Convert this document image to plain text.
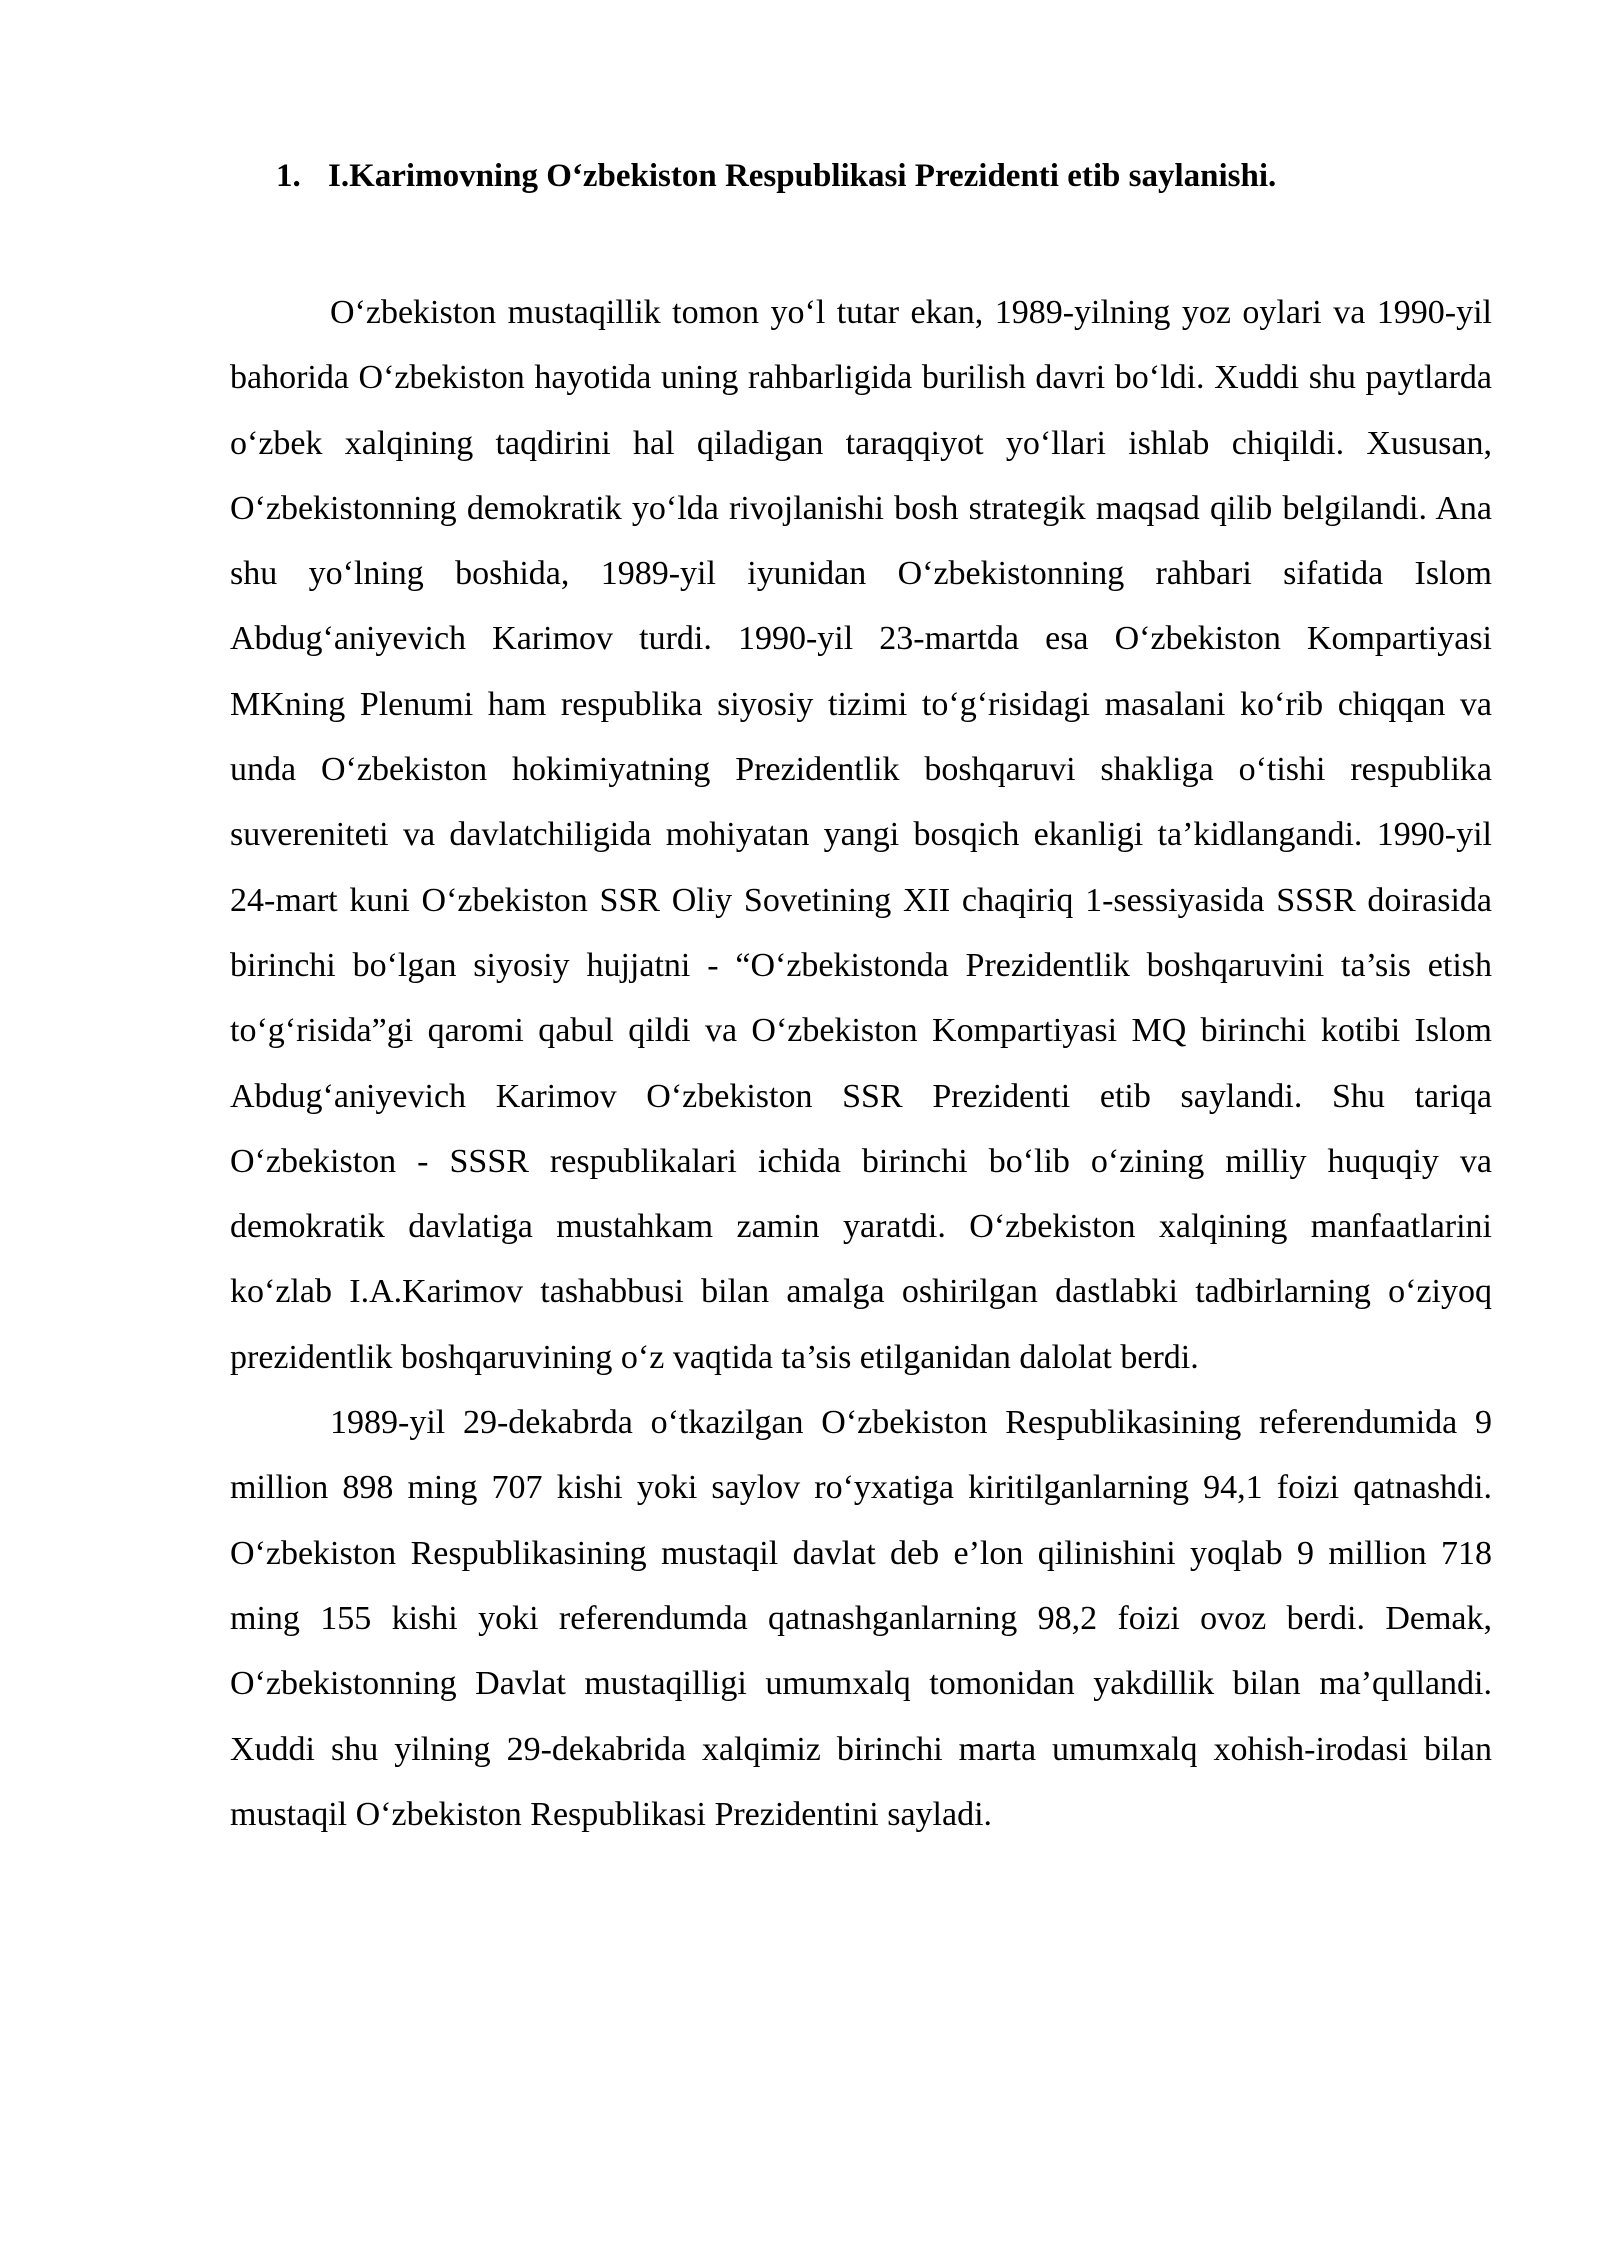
1. I.Karimovning O‘zbekiston Respublikasi Prezidenti etib saylanishi.

O‘zbekiston mustaqillik tomon yo‘l tutar ekan, 1989-yilning yoz oylari va 1990-yil bahorida O‘zbekiston hayotida uning rahbarligida burilish davri bo‘ldi. Xuddi shu paytlarda o‘zbek xalqining taqdirini hal qiladigan taraqqiyot yo‘llari ishlab chiqildi. Xususan, O‘zbekistonning demokratik yo‘lda rivojlanishi bosh strategik maqsad qilib belgilandi. Ana shu yo‘lning boshida, 1989-yil iyunidan O‘zbekistonning rahbari sifatida Islom Abdug‘aniyevich Karimov turdi. 1990-yil 23-martda esa O‘zbekiston Kompartiyasi MKning Plenumi ham respublika siyosiy tizimi to‘g‘risidagi masalani ko‘rib chiqqan va unda O‘zbekiston hokimiyatning Prezidentlik boshqaruvi shakliga o‘tishi respublika suvereniteti va davlatchiligida mohiyatan yangi bosqich ekanligi ta’kidlangandi. 1990-yil 24-mart kuni O‘zbekiston SSR Oliy Sovetining XII chaqiriq 1-sessiyasida SSSR doirasida birinchi bo‘lgan siyosiy hujjatni - “O‘zbekistonda Prezidentlik boshqaruvini ta’sis etish to‘g‘risida”gi qaromi qabul qildi va O‘zbekiston Kompartiyasi MQ birinchi kotibi Islom Abdug‘aniyevich Karimov O‘zbekiston SSR Prezidenti etib saylandi. Shu tariqa O‘zbekiston - SSSR respublikalari ichida birinchi bo‘lib o‘zining milliy huquqiy va demokratik davlatiga mustahkam zamin yaratdi. O‘zbekiston xalqining manfaatlarini ko‘zlab I.A.Karimov tashabbusi bilan amalga oshirilgan dastlabki tadbirlarning o‘ziyoq prezidentlik boshqaruvining o‘z vaqtida ta’sis etilganidan dalolat berdi.

1989-yil 29-dekabrda o‘tkazilgan O‘zbekiston Respublikasining referendumida 9 million 898 ming 707 kishi yoki saylov ro‘yxatiga kiritilganlarning 94,1 foizi qatnashdi. O‘zbekiston Respublikasining mustaqil davlat deb e’lon qilinishini yoqlab 9 million 718 ming 155 kishi yoki referendumda qatnashganlarning 98,2 foizi ovoz berdi. Demak, O‘zbekistonning Davlat mustaqilligi umumxalq tomonidan yakdillik bilan ma’qullandi. Xuddi shu yilning 29-dekabrida xalqimiz birinchi marta umumxalq xohish-irodasi bilan mustaqil O‘zbekiston Respublikasi Prezidentini sayladi.
